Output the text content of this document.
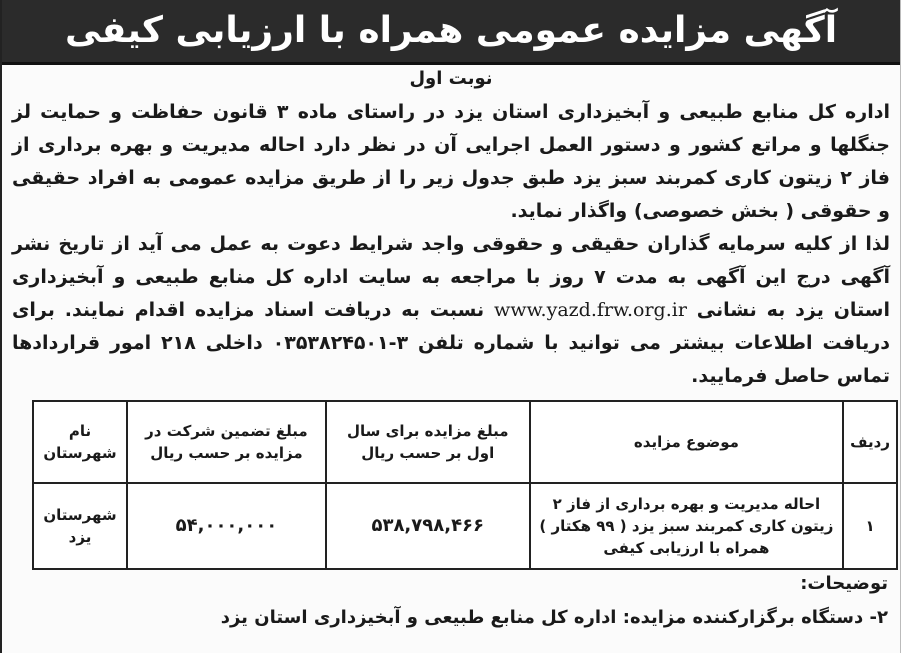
آگهی مزایده عمومی همراه با ارزیابی کیفی
نوبت اول

اداره کل منابع طبیعی و آبخیزداری استان یزد در راستای ماده ۳ قانون حفاظت و حمایت لز جنگلها و مراتع کشور و دستور العمل اجرایی آن در نظر دارد احاله مدیریت و بهره برداری از فاز ۲ زیتون کاری کمربند سبز یزد طبق جدول زیر را از طریق مزایده عمومی به افراد حقیقی و حقوقی ( بخش خصوصی) واگذار نماید.

لذا از کلیه سرمایه گذاران حقیقی و حقوقی واجد شرایط دعوت به عمل می آید از تاریخ نشر آگهی درج این آگهی به مدت ۷ روز با مراجعه به سایت اداره کل منابع طبیعی و آبخیزداری استان یزد به نشانی www.yazd.frw.org.ir نسبت به دریافت اسناد مزایده اقدام نمایند. برای دریافت اطلاعات بیشتر می توانید با شماره تلفن ۳-۰۳۵۳۸۲۴۵۰۱ داخلی ۲۱۸ امور قراردادها تماس حاصل فرمایید.

ردیف	موضوع مزایده	مبلغ مزایده برای سال اول بر حسب ریال	مبلغ تضمین شرکت در مزایده بر حسب ریال	نام شهرستان
۱	احاله مدیریت و بهره برداری از فاز ۲ زیتون کاری کمربند سبز یزد ( ۹۹ هکتار ) همراه با ارزیابی کیفی	۵۳۸,۷۹۸,۴۶۶	۵۴,۰۰۰,۰۰۰	شهرستان یزد
توضیحات:
۲- دستگاه برگزارکننده مزایده: اداره کل منابع طبیعی و آبخیزداری استان یزد
